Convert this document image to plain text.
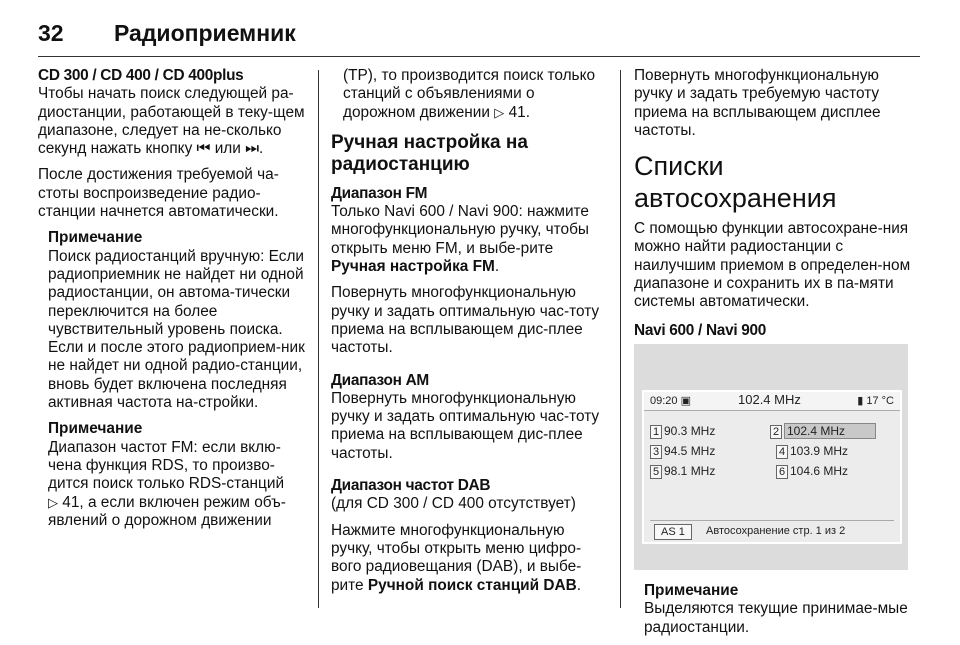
32 Радиоприемник

CD 300 / CD 400 / CD 400plus

Чтобы начать поиск следующей ра-диостанции, работающей в теку-щем диапазоне, следует на не-сколько секунд нажать кнопку ⏮ или ⏭.

После достижения требуемой ча-стоты воспроизведение радио-станции начнется автоматически.

Примечание
Поиск радиостанций вручную: Если радиоприемник не найдет ни одной радиостанции, он автома-тически переключится на более чувствительный уровень поиска. Если и после этого радиоприем-ник не найдет ни одной радио-станции, вновь будет включена последняя активная частота на-стройки.
Примечание
Диапазон частот FM: если вклю-чена функция RDS, то произво-дится поиск только RDS-станций
▷ 41, а если включен режим объ-явлений о дорожном движении

(TP), то производится поиск только станций с объявлениями о дорожном движении ▷ 41.

Ручная настройка на радиостанцию

Диапазон FM

Только Navi 600 / Navi 900: нажмите многофункциональную ручку, чтобы открыть меню FM, и выбе-рите Ручная настройка FM.

Повернуть многофункциональную ручку и задать оптимальную час-тоту приема на всплывающем дис-плее частоты.

Диапазон AM

Повернуть многофункциональную ручку и задать оптимальную час-тоту приема на всплывающем дис-плее частоты.

Диапазон частот DAB

(для CD 300 / CD 400 отсутствует)

Нажмите многофункциональную ручку, чтобы открыть меню цифро-вого радиовещания (DAB), и выбе-рите Ручной поиск станций DAB.

Повернуть многофункциональную ручку и задать требуемую частоту приема на всплывающем дисплее частоты.

Списки автосохранения

С помощью функции автосохране-ния можно найти радиостанции с наилучшим приемом в определен-ном диапазоне и сохранить их в па-мяти системы автоматически.

Navi 600 / Navi 900

09:20 ▣	102.4 MHz	▮ 17 °C
1 90.3 MHz	2 102.4 MHz
3 94.5 MHz	4 103.9 MHz
5 98.1 MHz	6 104.6 MHz
AS 1	Автосохранение стр. 1 из 2
Примечание
Выделяются текущие принимае-мые радиостанции.
